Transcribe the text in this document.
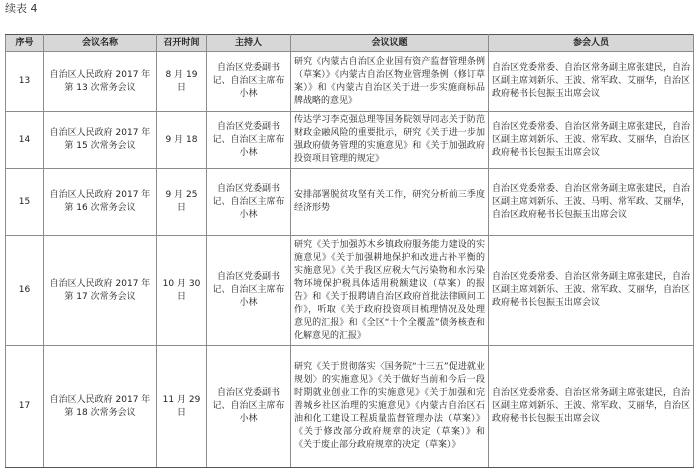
续表 4
序号	会议名称	召开时间	主持人	会议议题	参会人员
13	自治区人民政府 2017 年第 13 次常务会议	8 月 19 日	自治区党委副书记、自治区主席布小林	研究《内蒙古自治区企业国有资产监督管理条例（草案）》《内蒙古自治区物业管理条例（修订草案）》和《内蒙古自治区关于进一步实施商标品牌战略的意见》	自治区党委常委、自治区常务副主席张建民，自治区副主席刘新乐、王波、常军政、艾丽华，自治区政府秘书长包振玉出席会议
14	自治区人民政府 2017 年第 15 次常务会议	9 月 18	自治区党委副书记、自治区主席布小林	传达学习李克强总理等国务院领导同志关于防范财政金融风险的重要批示，研究《关于进一步加强政府债务管理的实施意见》和《关于加强政府投资项目管理的规定》	自治区党委常委、自治区常务副主席张建民，自治区副主席刘新乐、王波、常军政、艾丽华，自治区政府秘书长包振玉出席会议
15	自治区人民政府 2017 年第 16 次常务会议	9 月 25 日	自治区党委副书记、自治区主席布小林	安排部署脱贫攻坚有关工作，研究分析前三季度经济形势	自治区党委常委、自治区常务副主席张建民，自治区副主席刘新乐、王波、马明、常军政、艾丽华，自治区政府秘书长包振玉出席会议
16	自治区人民政府 2017 年第 17 次常务会议	10 月 30 日	自治区党委副书记、自治区主席布小林	研究《关于加强苏木乡镇政府服务能力建设的实施意见》《关于加强耕地保护和改进占补平衡的实施意见》《关于我区应税大气污染物和水污染物环境保护税具体适用税额建议（草案）的报告》和《关于报聘请自治区政府首批法律顾问工作》，听取《关于政府投资项目梳理情况及处理意见的汇报》和《全区“十个全覆盖”债务核查和化解意见的汇报》	自治区党委常委、自治区常务副主席张建民，自治区副主席刘新乐、王波、常军政、艾丽华，自治区政府秘书长包振玉出席会议
17	自治区人民政府 2017 年第 18 次常务会议	11 月 29 日	自治区党委副书记、自治区主席布小林	研究《关于贯彻落实〈国务院“十三五”促进就业规划〉的实施意见》《关于做好当前和今后一段时期就业创业工作的实施意见》《关于加强和完善城乡社区治理的实施意见》《内蒙古自治区石油和化工建设工程质量监督管理办法（草案）》《关于修改部分政府规章的决定（草案）》和《关于废止部分政府规章的决定（草案）》	自治区党委常委、自治区常务副主席张建民，自治区副主席刘新乐、王波、常军政、艾丽华，自治区政府秘书长包振玉出席会议
